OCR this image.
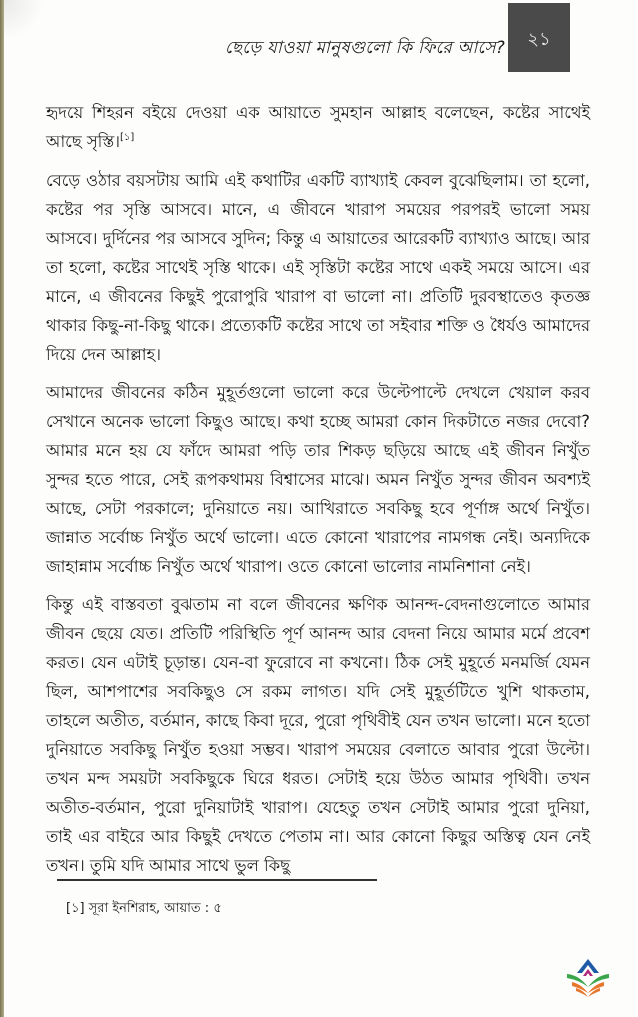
ছেড়ে যাওয়া মানুষগুলো কি ফিরে আসে? ২১

হৃদয়ে শিহরন বইয়ে দেওয়া এক আয়াতে সুমহান আল্লাহ বলেছেন, কষ্টের সাথেই আছে সৃস্তি।[১]

বেড়ে ওঠার বয়সটায় আমি এই কথাটির একটি ব্যাখ্যাই কেবল বুঝেছিলাম। তা হলো, কষ্টের পর সৃস্তি আসবে। মানে, এ জীবনে খারাপ সময়ের পরপরই ভালো সময় আসবে। দুর্দিনের পর আসবে সুদিন; কিন্তু এ আয়াতের আরেকটি ব্যাখ্যাও আছে। আর তা হলো, কষ্টের সাথেই সৃস্তি থাকে। এই সৃস্তিটা কষ্টের সাথে একই সময়ে আসে। এর মানে, এ জীবনের কিছুই পুরোপুরি খারাপ বা ভালো না। প্রতিটি দুরবস্থাতেও কৃতজ্ঞ থাকার কিছু-না-কিছু থাকে। প্রত্যেকটি কষ্টের সাথে তা সইবার শক্তি ও ধৈর্যও আমাদের দিয়ে দেন আল্লাহ।

আমাদের জীবনের কঠিন মুহূর্তগুলো ভালো করে উল্টেপাল্টে দেখলে খেয়াল করব সেখানে অনেক ভালো কিছুও আছে। কথা হচ্ছে আমরা কোন দিকটাতে নজর দেবো? আমার মনে হয় যে ফাঁদে আমরা পড়ি তার শিকড় ছড়িয়ে আছে এই জীবন নিখুঁত সুন্দর হতে পারে, সেই রূপকথাময় বিশ্বাসের মাঝে। অমন নিখুঁত সুন্দর জীবন অবশ্যই আছে, সেটা পরকালে; দুনিয়াতে নয়। আখিরাতে সবকিছু হবে পূর্ণাঙ্গ অর্থে নিখুঁত। জান্নাত সর্বোচ্চ নিখুঁত অর্থে ভালো। এতে কোনো খারাপের নামগন্ধ নেই। অন্যদিকে জাহান্নাম সর্বোচ্চ নিখুঁত অর্থে খারাপ। ওতে কোনো ভালোর নামনিশানা নেই।

কিন্তু এই বাস্তবতা বুঝতাম না বলে জীবনের ক্ষণিক আনন্দ-বেদনাগুলোতে আমার জীবন ছেয়ে যেত। প্রতিটি পরিস্থিতি পূর্ণ আনন্দ আর বেদনা নিয়ে আমার মর্মে প্রবেশ করত। যেন এটাই চূড়ান্ত। যেন-বা ফুরোবে না কখনো। ঠিক সেই মুহূর্তে মনমর্জি যেমন ছিল, আশপাশের সবকিছুও সে রকম লাগত। যদি সেই মুহূর্তটিতে খুশি থাকতাম, তাহলে অতীত, বর্তমান, কাছে কিবা দূরে, পুরো পৃথিবীই যেন তখন ভালো। মনে হতো দুনিয়াতে সবকিছু নিখুঁত হওয়া সম্ভব। খারাপ সময়ের বেলাতে আবার পুরো উল্টো। তখন মন্দ সময়টা সবকিছুকে ঘিরে ধরত। সেটাই হয়ে উঠত আমার পৃথিবী। তখন অতীত-বর্তমান, পুরো দুনিয়াটাই খারাপ। যেহেতু তখন সেটাই আমার পুরো দুনিয়া, তাই এর বাইরে আর কিছুই দেখতে পেতাম না। আর কোনো কিছুর অস্তিত্ব যেন নেই তখন। তুমি যদি আমার সাথে ভুল কিছু

[১] সূরা ইনশিরাহ, আয়াত : ৫
